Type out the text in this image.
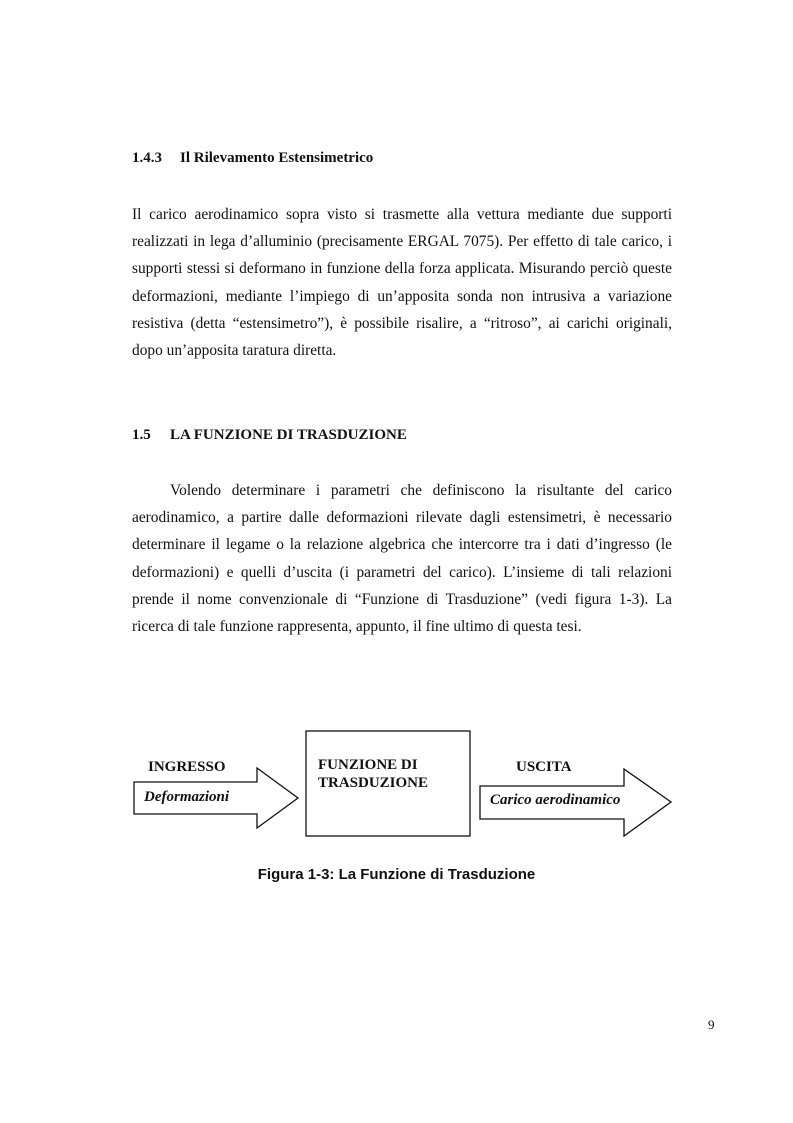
1.4.3 Il Rilevamento Estensimetrico

Il carico aerodinamico sopra visto si trasmette alla vettura mediante due supporti realizzati in lega d’alluminio (precisamente ERGAL 7075). Per effetto di tale carico, i supporti stessi si deformano in funzione della forza applicata. Misurando perciò queste deformazioni, mediante l’impiego di un’apposita sonda non intrusiva a variazione resistiva (detta “estensimetro”), è possibile risalire, a “ritroso”, ai carichi originali, dopo un’apposita taratura diretta.

1.5 LA FUNZIONE DI TRASDUZIONE

Volendo determinare i parametri che definiscono la risultante del carico aerodinamico, a partire dalle deformazioni rilevate dagli estensimetri, è necessario determinare il legame o la relazione algebrica che intercorre tra i dati d’ingresso (le deformazioni) e quelli d’uscita (i parametri del carico). L’insieme di tali relazioni prende il nome convenzionale di “Funzione di Trasduzione” (vedi figura 1-3). La ricerca di tale funzione rappresenta, appunto, il fine ultimo di questa tesi.

INGRESSO
Deformazioni
FUNZIONE DI
TRASDUZIONE
USCITA
Carico aerodinamico
Figura 1-3: La Funzione di Trasduzione
9
